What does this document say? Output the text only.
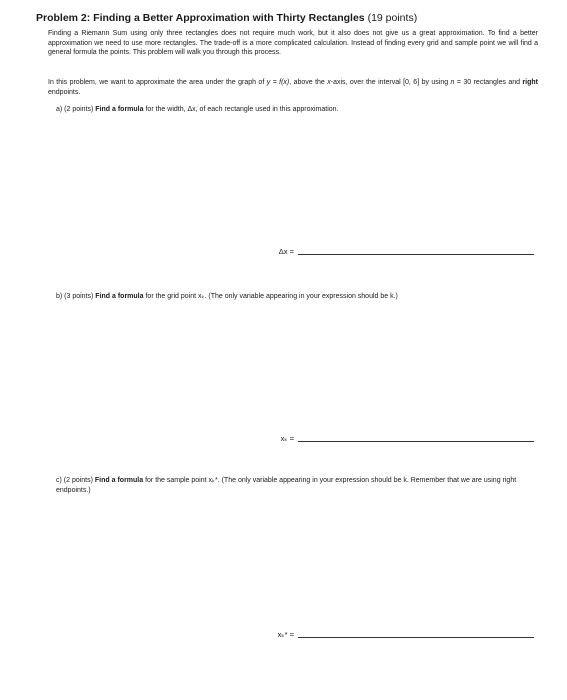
Problem 2: Finding a Better Approximation with Thirty Rectangles (19 points)
Finding a Riemann Sum using only three rectangles does not require much work, but it also does not give us a great approximation. To find a better approximation we need to use more rectangles. The trade-off is a more complicated calculation. Instead of finding every grid and sample point we will find a general formula the points. This problem will walk you through this process.
In this problem, we want to approximate the area under the graph of y = f(x), above the x-axis, over the interval [0, 6] by using n = 30 rectangles and right endpoints.
a) (2 points) Find a formula for the width, Δx, of each rectangle used in this approximation.
Δx =
b) (3 points) Find a formula for the grid point xₖ. (The only variable appearing in your expression should be k.)
xₖ =
c) (2 points) Find a formula for the sample point xₖ*. (The only variable appearing in your expression should be k. Remember that we are using right endpoints.)
xₖ* =
